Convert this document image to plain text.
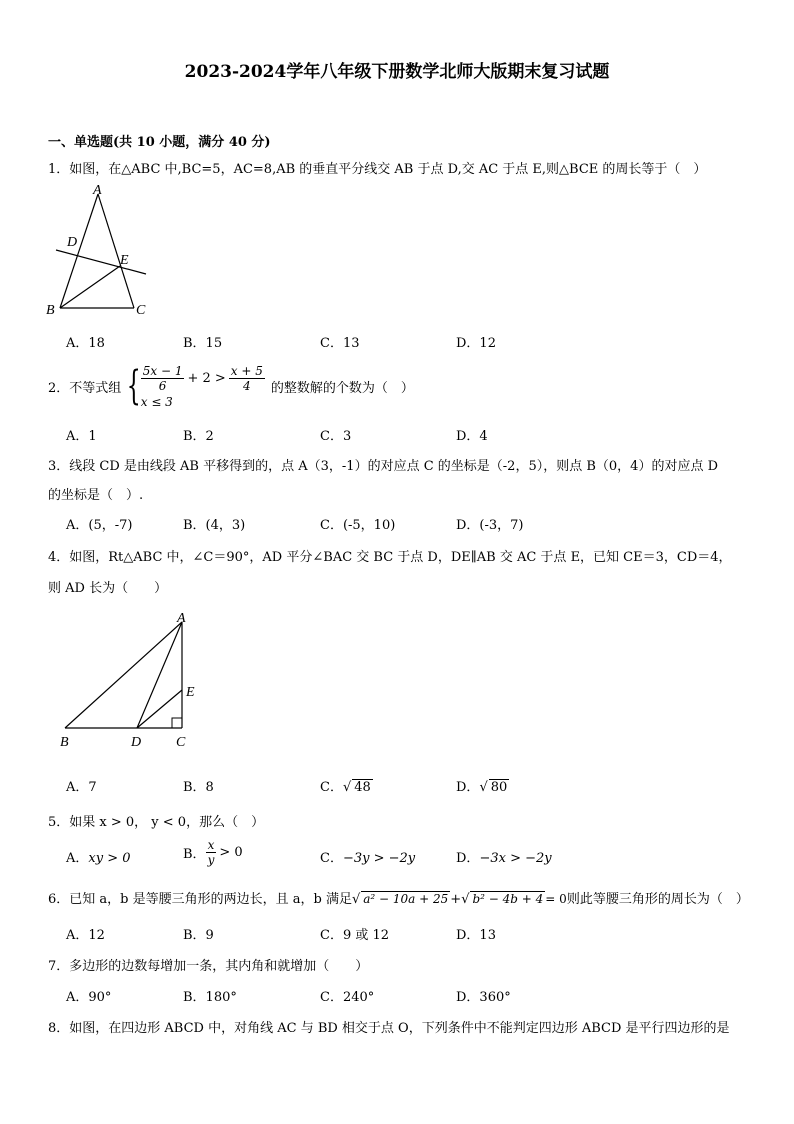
2023-2024学年八年级下册数学北师大版期末复习试题
一、单选题(共 10 小题，满分 40 分)
1．如图，在△ABC 中,BC=5，AC=8,AB 的垂直平分线交 AB 于点 D,交 AC 于点 E,则△BCE 的周长等于（　）
A
D
E
B	C
A．18	B．15	C．13	D．12
2．不等式组 { $\frac{5x - 1}{6} + 2 > \frac{x + 5}{4}$
x ≤ 3
的整数解的个数为（　）
A．1	B．2	C．3	D．4
3．线段 CD 是由线段 AB 平移得到的，点 A（3，-1）的对应点 C 的坐标是（-2，5），则点 B（0，4）的对应点 D
的坐标是（　）.
A．(5，-7)	B．(4，3)	C．(-5，10)	D．(-3，7)
4．如图，Rt△ABC 中，∠C＝90°，AD 平分∠BAC 交 BC 于点 D，DE∥AB 交 AC 于点 E，已知 CE＝3，CD＝4，
则 AD 长为（　　）
A
E
B	D C
A．7	B．8	C．√ 48	D．√ 80
5．如果 x > 0， y < 0，那么（　）
A．xy > 0	B． $\frac{x}{y} > 0$	C．−3y > −2y	D．−3x > −2y
6．已知 a，b 是等腰三角形的两边长，且 a，b 满足√ a² − 10a + 25 +√ b² − 4b + 4 = 0则此等腰三角形的周长为（　）
A．12	B．9	C．9 或 12	D．13
7．多边形的边数每增加一条，其内角和就增加（　　）
A．90°	B．180°	C．240°	D．360°
8．如图，在四边形 ABCD 中，对角线 AC 与 BD 相交于点 O，下列条件中不能判定四边形 ABCD 是平行四边形的是
